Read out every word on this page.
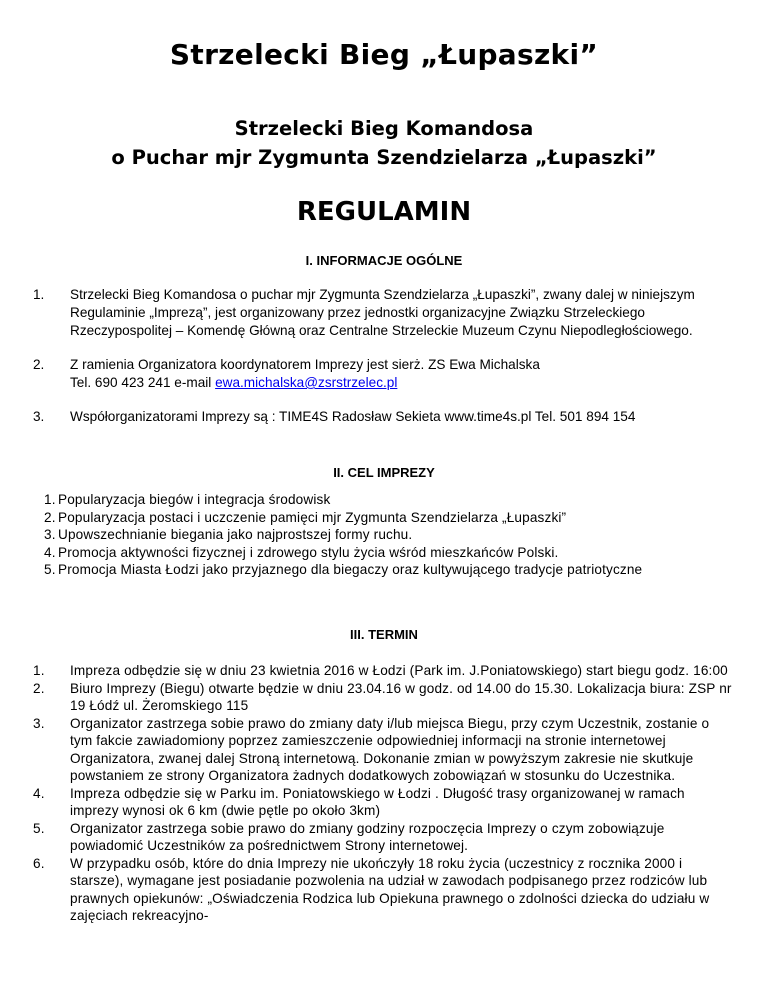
Strzelecki Bieg „Łupaszki”
Strzelecki Bieg Komandosa
o Puchar mjr Zygmunta Szendzielarza „Łupaszki”
REGULAMIN
I. INFORMACJE OGÓLNE
1. Strzelecki Bieg Komandosa o puchar mjr Zygmunta Szendzielarza „Łupaszki”, zwany dalej w niniejszym Regulaminie „Imprezą”, jest organizowany przez jednostki organizacyjne Związku Strzeleckiego Rzeczypospolitej – Komendę Główną oraz Centralne Strzeleckie Muzeum Czynu Niepodległościowego.
2. Z ramienia Organizatora koordynatorem Imprezy jest sierż. ZS Ewa Michalska
Tel. 690 423 241 e-mail ewa.michalska@zsrstrzelec.pl
3. Współorganizatorami Imprezy są : TIME4S Radosław Sekieta www.time4s.pl Tel. 501 894 154
II. CEL IMPREZY
1. Popularyzacja biegów i integracja środowisk
2. Popularyzacja postaci i uczczenie pamięci mjr Zygmunta Szendzielarza „Łupaszki”
3. Upowszechnianie biegania jako najprostszej formy ruchu.
4. Promocja aktywności fizycznej i zdrowego stylu życia wśród mieszkańców Polski.
5. Promocja Miasta Łodzi jako przyjaznego dla biegaczy oraz kultywującego tradycje patriotyczne
III. TERMIN
1. Impreza odbędzie się w dniu 23 kwietnia 2016 w Łodzi (Park im. J.Poniatowskiego) start biegu godz. 16:00
2. Biuro Imprezy (Biegu) otwarte będzie w dniu 23.04.16 w godz. od 14.00 do 15.30. Lokalizacja biura: ZSP nr 19 Łódź ul. Żeromskiego 115
3. Organizator zastrzega sobie prawo do zmiany daty i/lub miejsca Biegu, przy czym Uczestnik, zostanie o tym fakcie zawiadomiony poprzez zamieszczenie odpowiedniej informacji na stronie internetowej Organizatora, zwanej dalej Stroną internetową. Dokonanie zmian w powyższym zakresie nie skutkuje powstaniem ze strony Organizatora żadnych dodatkowych zobowiązań w stosunku do Uczestnika.
4. Impreza odbędzie się w Parku im. Poniatowskiego w Łodzi . Długość trasy organizowanej w ramach imprezy wynosi ok 6 km (dwie pętle po około 3km)
5. Organizator zastrzega sobie prawo do zmiany godziny rozpoczęcia Imprezy o czym zobowiązuje powiadomić Uczestników za pośrednictwem Strony internetowej.
6. W przypadku osób, które do dnia Imprezy nie ukończyły 18 roku życia (uczestnicy z rocznika 2000 i starsze), wymagane jest posiadanie pozwolenia na udział w zawodach podpisanego przez rodziców lub prawnych opiekunów: „Oświadczenia Rodzica lub Opiekuna prawnego o zdolności dziecka do udziału w zajęciach rekreacyjno-
